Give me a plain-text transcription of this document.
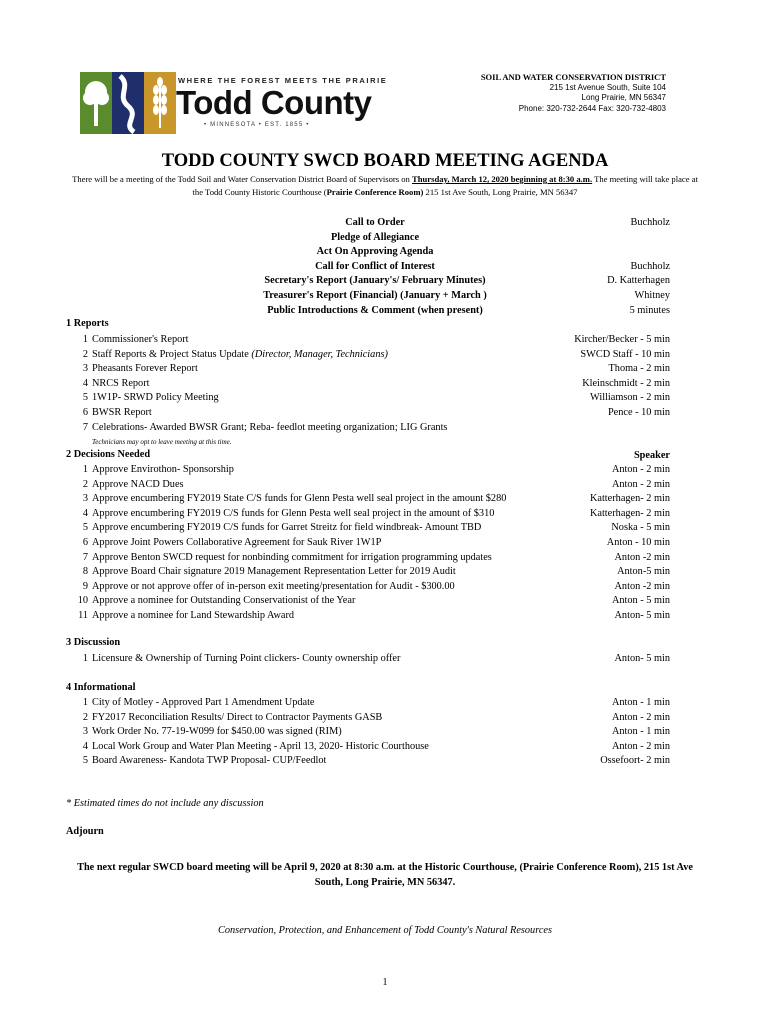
WHERE THE FOREST MEETS THE PRAIRIE
Todd County
• MINNESOTA • EST. 1855 •
SOIL AND WATER CONSERVATION DISTRICT
215 1st Avenue South, Suite 104
Long Prairie, MN 56347
Phone: 320-732-2644 Fax: 320-732-4803
TODD COUNTY SWCD BOARD MEETING AGENDA
There will be a meeting of the Todd Soil and Water Conservation District Board of Supervisors on Thursday, March 12, 2020 beginning at 8:30 a.m. The meeting will take place at the Todd County Historic Courthouse (Prairie Conference Room) 215 1st Ave South, Long Prairie, MN 56347
Call to Order
Pledge of Allegiance
Act On Approving Agenda
Call for Conflict of Interest
Secretary's Report (January's/ February Minutes)
Treasurer's Report (Financial) (January + March )
Public Introductions & Comment (when present)
Buchholz
Buchholz
D. Katterhagen
Whitney
5 minutes
1 Reports
1 Commissioner's Report
2 Staff Reports & Project Status Update (Director, Manager, Technicians)
3 Pheasants Forever Report
4 NRCS Report
5 1W1P- SRWD Policy Meeting
6 BWSR Report
7 Celebrations- Awarded BWSR Grant; Reba- feedlot meeting organization; LIG Grants
Kircher/Becker - 5 min
SWCD Staff - 10 min
Thoma - 2 min
Kleinschmidt - 2 min
Williamson - 2 min
Pence - 10 min
Technicians may opt to leave meeting at this time.
2 Decisions Needed	Speaker
1 Approve Envirothon- Sponsorship
2 Approve NACD Dues
3 Approve encumbering FY2019 State C/S funds for Glenn Pesta well seal project in the amount $280
4 Approve encumbering FY2019 C/S funds for Glenn Pesta well seal project in the amount of $310
5 Approve encumbering FY2019 C/S funds for Garret Streitz for field windbreak- Amount TBD
6 Approve Joint Powers Collaborative Agreement for Sauk River 1W1P
7 Approve Benton SWCD request for nonbinding commitment for irrigation programming updates
8 Approve Board Chair signature 2019 Management Representation Letter for 2019 Audit
9 Approve or not approve offer of in-person exit meeting/presentation for Audit - $300.00
10 Approve a nominee for Outstanding Conservationist of the Year
11 Approve a nominee for Land Stewardship Award
Anton - 2 min
Anton - 2 min
Katterhagen- 2 min
Katterhagen- 2 min
Noska - 5 min
Anton - 10 min
Anton -2 min
Anton-5 min
Anton -2 min
Anton - 5 min
Anton- 5 min
3 Discussion
1 Licensure & Ownership of Turning Point clickers- County ownership offer	Anton- 5 min
4 Informational
1 City of Motley - Approved Part 1 Amendment Update
2 FY2017 Reconciliation Results/ Direct to Contractor Payments GASB
3 Work Order No. 77-19-W099 for $450.00 was signed (RIM)
4 Local Work Group and Water Plan Meeting - April 13, 2020- Historic Courthouse
5 Board Awareness- Kandota TWP Proposal- CUP/Feedlot
Anton - 1 min
Anton - 2 min
Anton - 1 min
Anton - 2 min
Ossefoort- 2 min
* Estimated times do not include any discussion
Adjourn
The next regular SWCD board meeting will be April 9, 2020 at 8:30 a.m. at the Historic Courthouse, (Prairie Conference Room), 215 1st Ave South, Long Prairie, MN 56347.
Conservation, Protection, and Enhancement of Todd County's Natural Resources
1
